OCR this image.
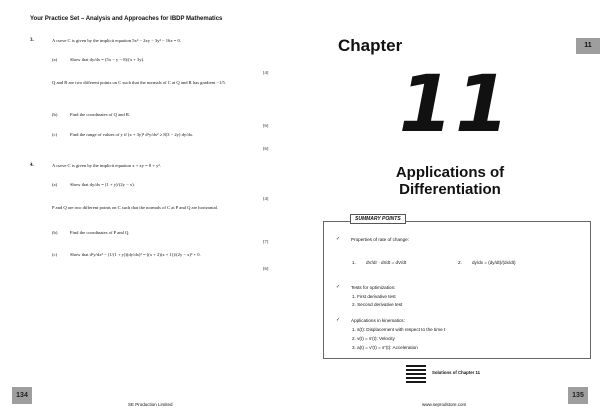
Your Practice Set – Analysis and Approaches for IBDP Mathematics
3.	A curve C is given by the implicit equation 5x² − 2xy − 3y² − 16x = 0.
(a)	Show that dy/dx = (5x − y − 8)/(x + 3y).
[4]
Q and R are two different points on C such that the normals of C at Q and R has gradient −1/5.
(b)	Find the coordinates of Q and R.
[6]
(c)	Find the range of values of y if (x + 3y)² d²y/dx² ≥ 8(3 − 2y) dy/dx.
[6]
4.	A curve C is given by the implicit equation x + xy = 8 + y².
(a)	Show that dy/dx = (1 + y)/(2y − x).
[4]
P and Q are two different points on C such that the normals of C at P and Q are horizontal.
(b)	Find the coordinates of P and Q.
[7]
(c)	Show that d²y/dx² − (1/(1 + y))(dy/dx)² = ((x + 2)(x + 1))/(2y − x)³ + 0.
[6]
134
SE Production Limited
Chapter	11
11
Applications of
Differentiation
SUMMARY POINTS
✓ Properties of rate of change:
1. dV/dr · dr/dt = dV/dt	2. dy/dx = (dy/dt)/(dx/dt)
✓ Tests for optimization:
1. First derivative test
2. Second derivative test
✓ Applications in kinematics:
1. s(t): Displacement with respect to the time t
2. v(t) = s′(t): Velocity
3. a(t) = v′(t) = s″(t): Acceleration
Solutions of Chapter 11
135
www.seprodstore.com
